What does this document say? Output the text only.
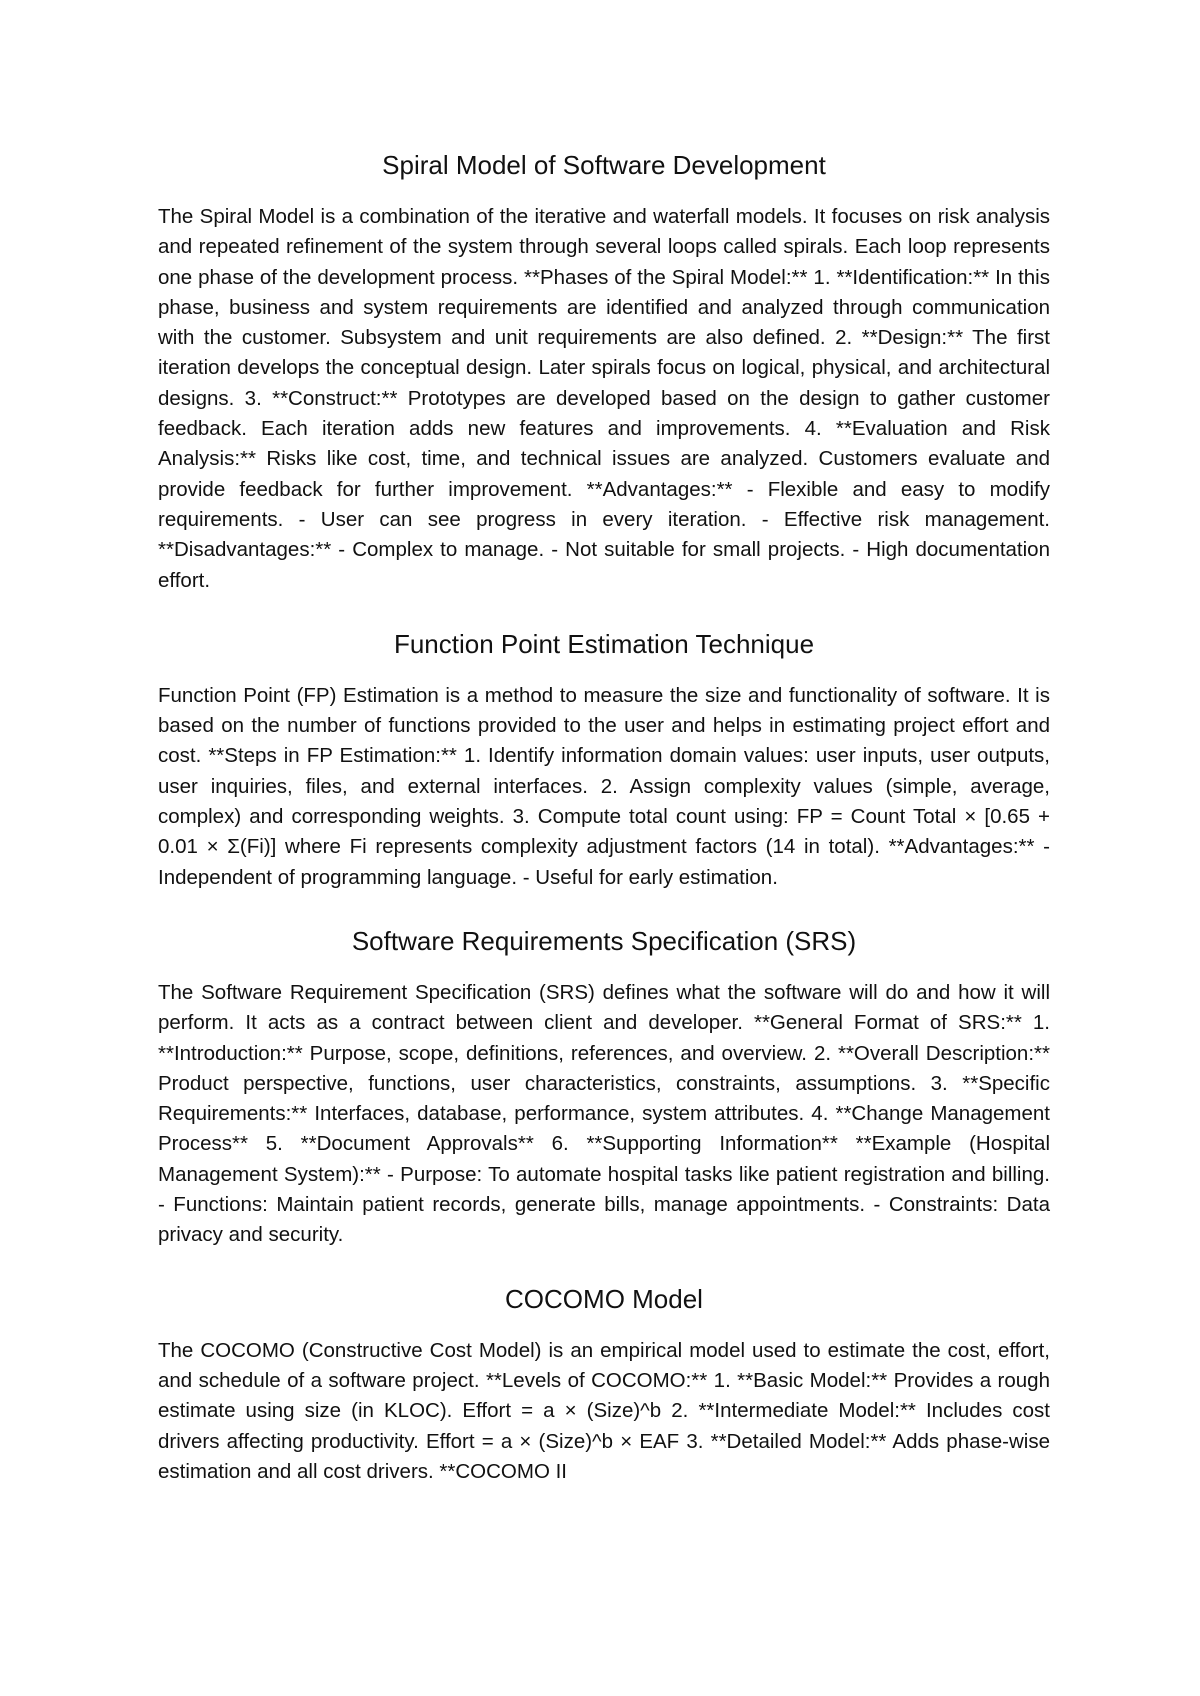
Spiral Model of Software Development

The Spiral Model is a combination of the iterative and waterfall models. It focuses on risk analysis and repeated refinement of the system through several loops called spirals. Each loop represents one phase of the development process. **Phases of the Spiral Model:** 1. **Identification:** In this phase, business and system requirements are identified and analyzed through communication with the customer. Subsystem and unit requirements are also defined. 2. **Design:** The first iteration develops the conceptual design. Later spirals focus on logical, physical, and architectural designs. 3. **Construct:** Prototypes are developed based on the design to gather customer feedback. Each iteration adds new features and improvements. 4. **Evaluation and Risk Analysis:** Risks like cost, time, and technical issues are analyzed. Customers evaluate and provide feedback for further improvement. **Advantages:** - Flexible and easy to modify requirements. - User can see progress in every iteration. - Effective risk management. **Disadvantages:** - Complex to manage. - Not suitable for small projects. - High documentation effort.

Function Point Estimation Technique

Function Point (FP) Estimation is a method to measure the size and functionality of software. It is based on the number of functions provided to the user and helps in estimating project effort and cost. **Steps in FP Estimation:** 1. Identify information domain values: user inputs, user outputs, user inquiries, files, and external interfaces. 2. Assign complexity values (simple, average, complex) and corresponding weights. 3. Compute total count using: FP = Count Total × [0.65 + 0.01 × Σ(Fi)] where Fi represents complexity adjustment factors (14 in total). **Advantages:** - Independent of programming language. - Useful for early estimation.

Software Requirements Specification (SRS)

The Software Requirement Specification (SRS) defines what the software will do and how it will perform. It acts as a contract between client and developer. **General Format of SRS:** 1. **Introduction:** Purpose, scope, definitions, references, and overview. 2. **Overall Description:** Product perspective, functions, user characteristics, constraints, assumptions. 3. **Specific Requirements:** Interfaces, database, performance, system attributes. 4. **Change Management Process** 5. **Document Approvals** 6. **Supporting Information** **Example (Hospital Management System):** - Purpose: To automate hospital tasks like patient registration and billing. - Functions: Maintain patient records, generate bills, manage appointments. - Constraints: Data privacy and security.

COCOMO Model

The COCOMO (Constructive Cost Model) is an empirical model used to estimate the cost, effort, and schedule of a software project. **Levels of COCOMO:** 1. **Basic Model:** Provides a rough estimate using size (in KLOC). Effort = a × (Size)^b 2. **Intermediate Model:** Includes cost drivers affecting productivity. Effort = a × (Size)^b × EAF 3. **Detailed Model:** Adds phase-wise estimation and all cost drivers. **COCOMO II
